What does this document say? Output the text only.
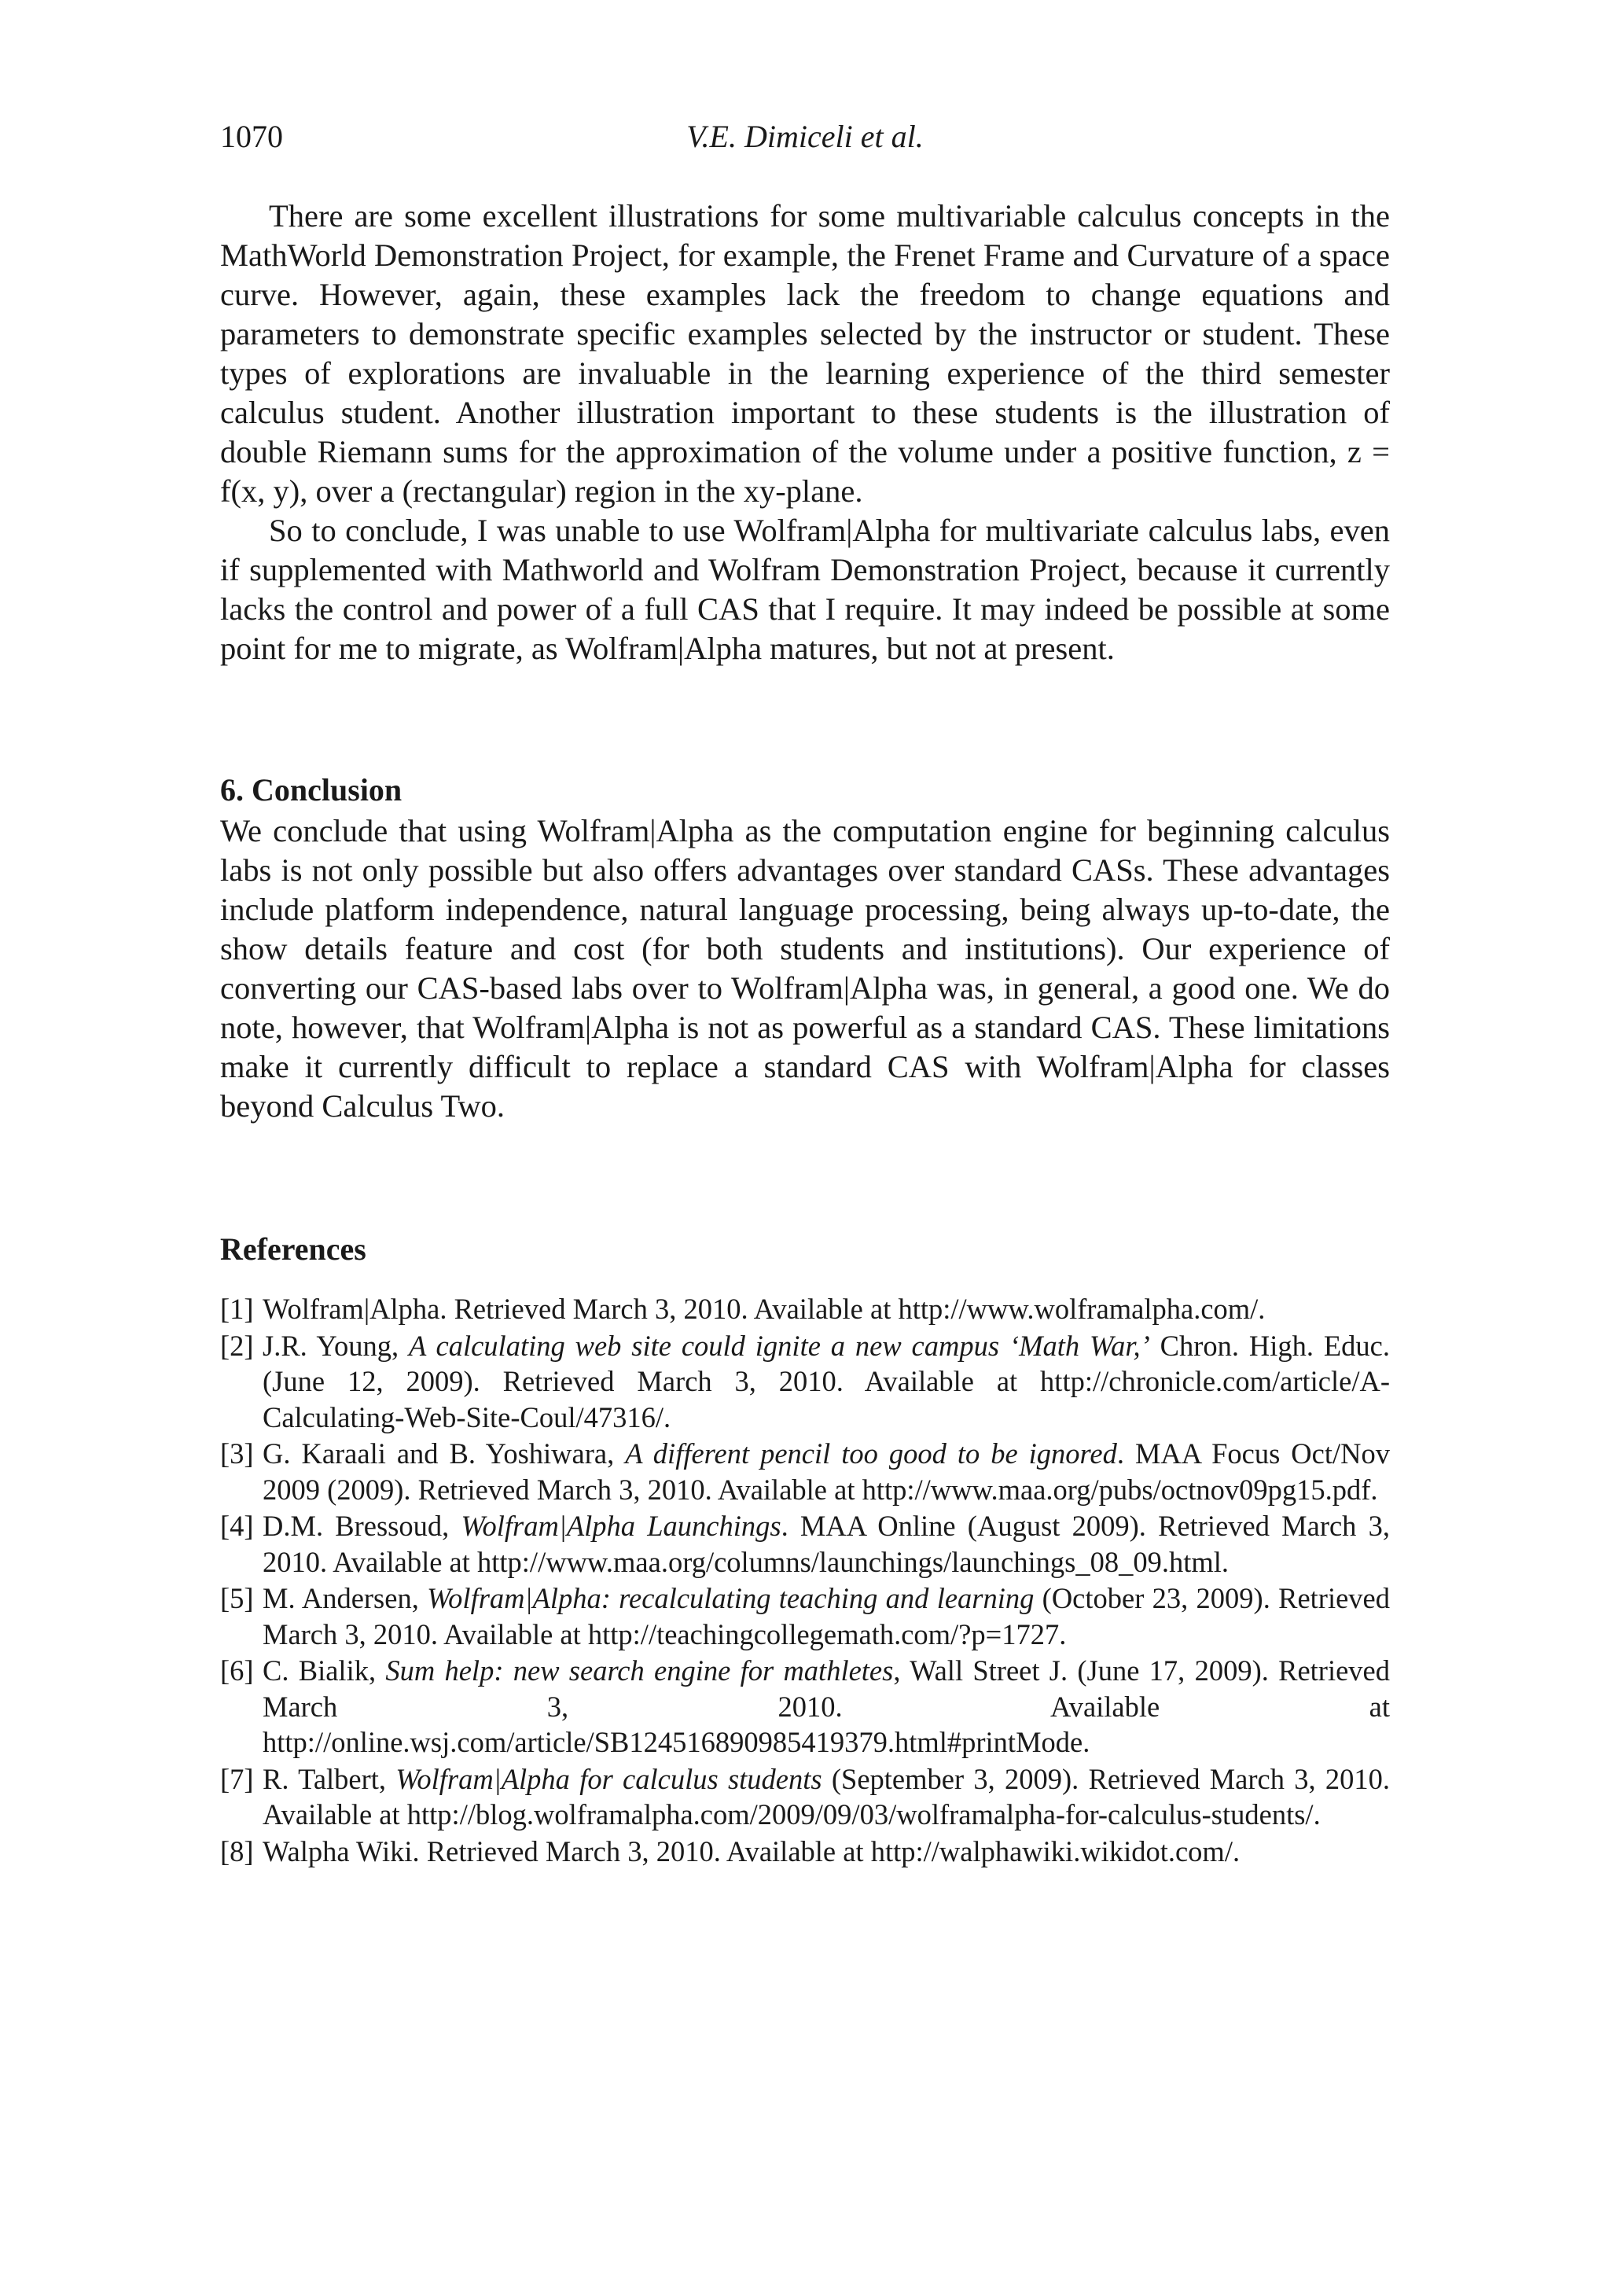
1070	V.E. Dimiceli et al.

There are some excellent illustrations for some multivariable calculus concepts in the MathWorld Demonstration Project, for example, the Frenet Frame and Curvature of a space curve. However, again, these examples lack the freedom to change equations and parameters to demonstrate specific examples selected by the instructor or student. These types of explorations are invaluable in the learning experience of the third semester calculus student. Another illustration important to these students is the illustration of double Riemann sums for the approximation of the volume under a positive function, z = f(x, y), over a (rectangular) region in the xy-plane.

So to conclude, I was unable to use Wolfram|Alpha for multivariate calculus labs, even if supplemented with Mathworld and Wolfram Demonstration Project, because it currently lacks the control and power of a full CAS that I require. It may indeed be possible at some point for me to migrate, as Wolfram|Alpha matures, but not at present.

6. Conclusion

We conclude that using Wolfram|Alpha as the computation engine for beginning calculus labs is not only possible but also offers advantages over standard CASs. These advantages include platform independence, natural language processing, being always up-to-date, the show details feature and cost (for both students and institutions). Our experience of converting our CAS-based labs over to Wolfram|Alpha was, in general, a good one. We do note, however, that Wolfram|Alpha is not as powerful as a standard CAS. These limitations make it currently difficult to replace a standard CAS with Wolfram|Alpha for classes beyond Calculus Two.

References
[1] Wolfram|Alpha. Retrieved March 3, 2010. Available at http://www.wolframalpha.com/.
[2] J.R. Young, A calculating web site could ignite a new campus ‘Math War,’ Chron. High. Educ. (June 12, 2009). Retrieved March 3, 2010. Available at http://chronicle.com/article/A-Calculating-Web-Site-Coul/47316/.
[3] G. Karaali and B. Yoshiwara, A different pencil too good to be ignored. MAA Focus Oct/Nov 2009 (2009). Retrieved March 3, 2010. Available at http://www.maa.org/pubs/octnov09pg15.pdf.
[4] D.M. Bressoud, Wolfram|Alpha Launchings. MAA Online (August 2009). Retrieved March 3, 2010. Available at http://www.maa.org/columns/launchings/launchings_08_09.html.
[5] M. Andersen, Wolfram|Alpha: recalculating teaching and learning (October 23, 2009). Retrieved March 3, 2010. Available at http://teachingcollegemath.com/?p=1727.
[6] C. Bialik, Sum help: new search engine for mathletes, Wall Street J. (June 17, 2009). Retrieved March 3, 2010. Available at http://online.wsj.com/article/SB124516890985419379.html#printMode.
[7] R. Talbert, Wolfram|Alpha for calculus students (September 3, 2009). Retrieved March 3, 2010. Available at http://blog.wolframalpha.com/2009/09/03/wolframalpha-for-calculus-students/.
[8] Walpha Wiki. Retrieved March 3, 2010. Available at http://walphawiki.wikidot.com/.
